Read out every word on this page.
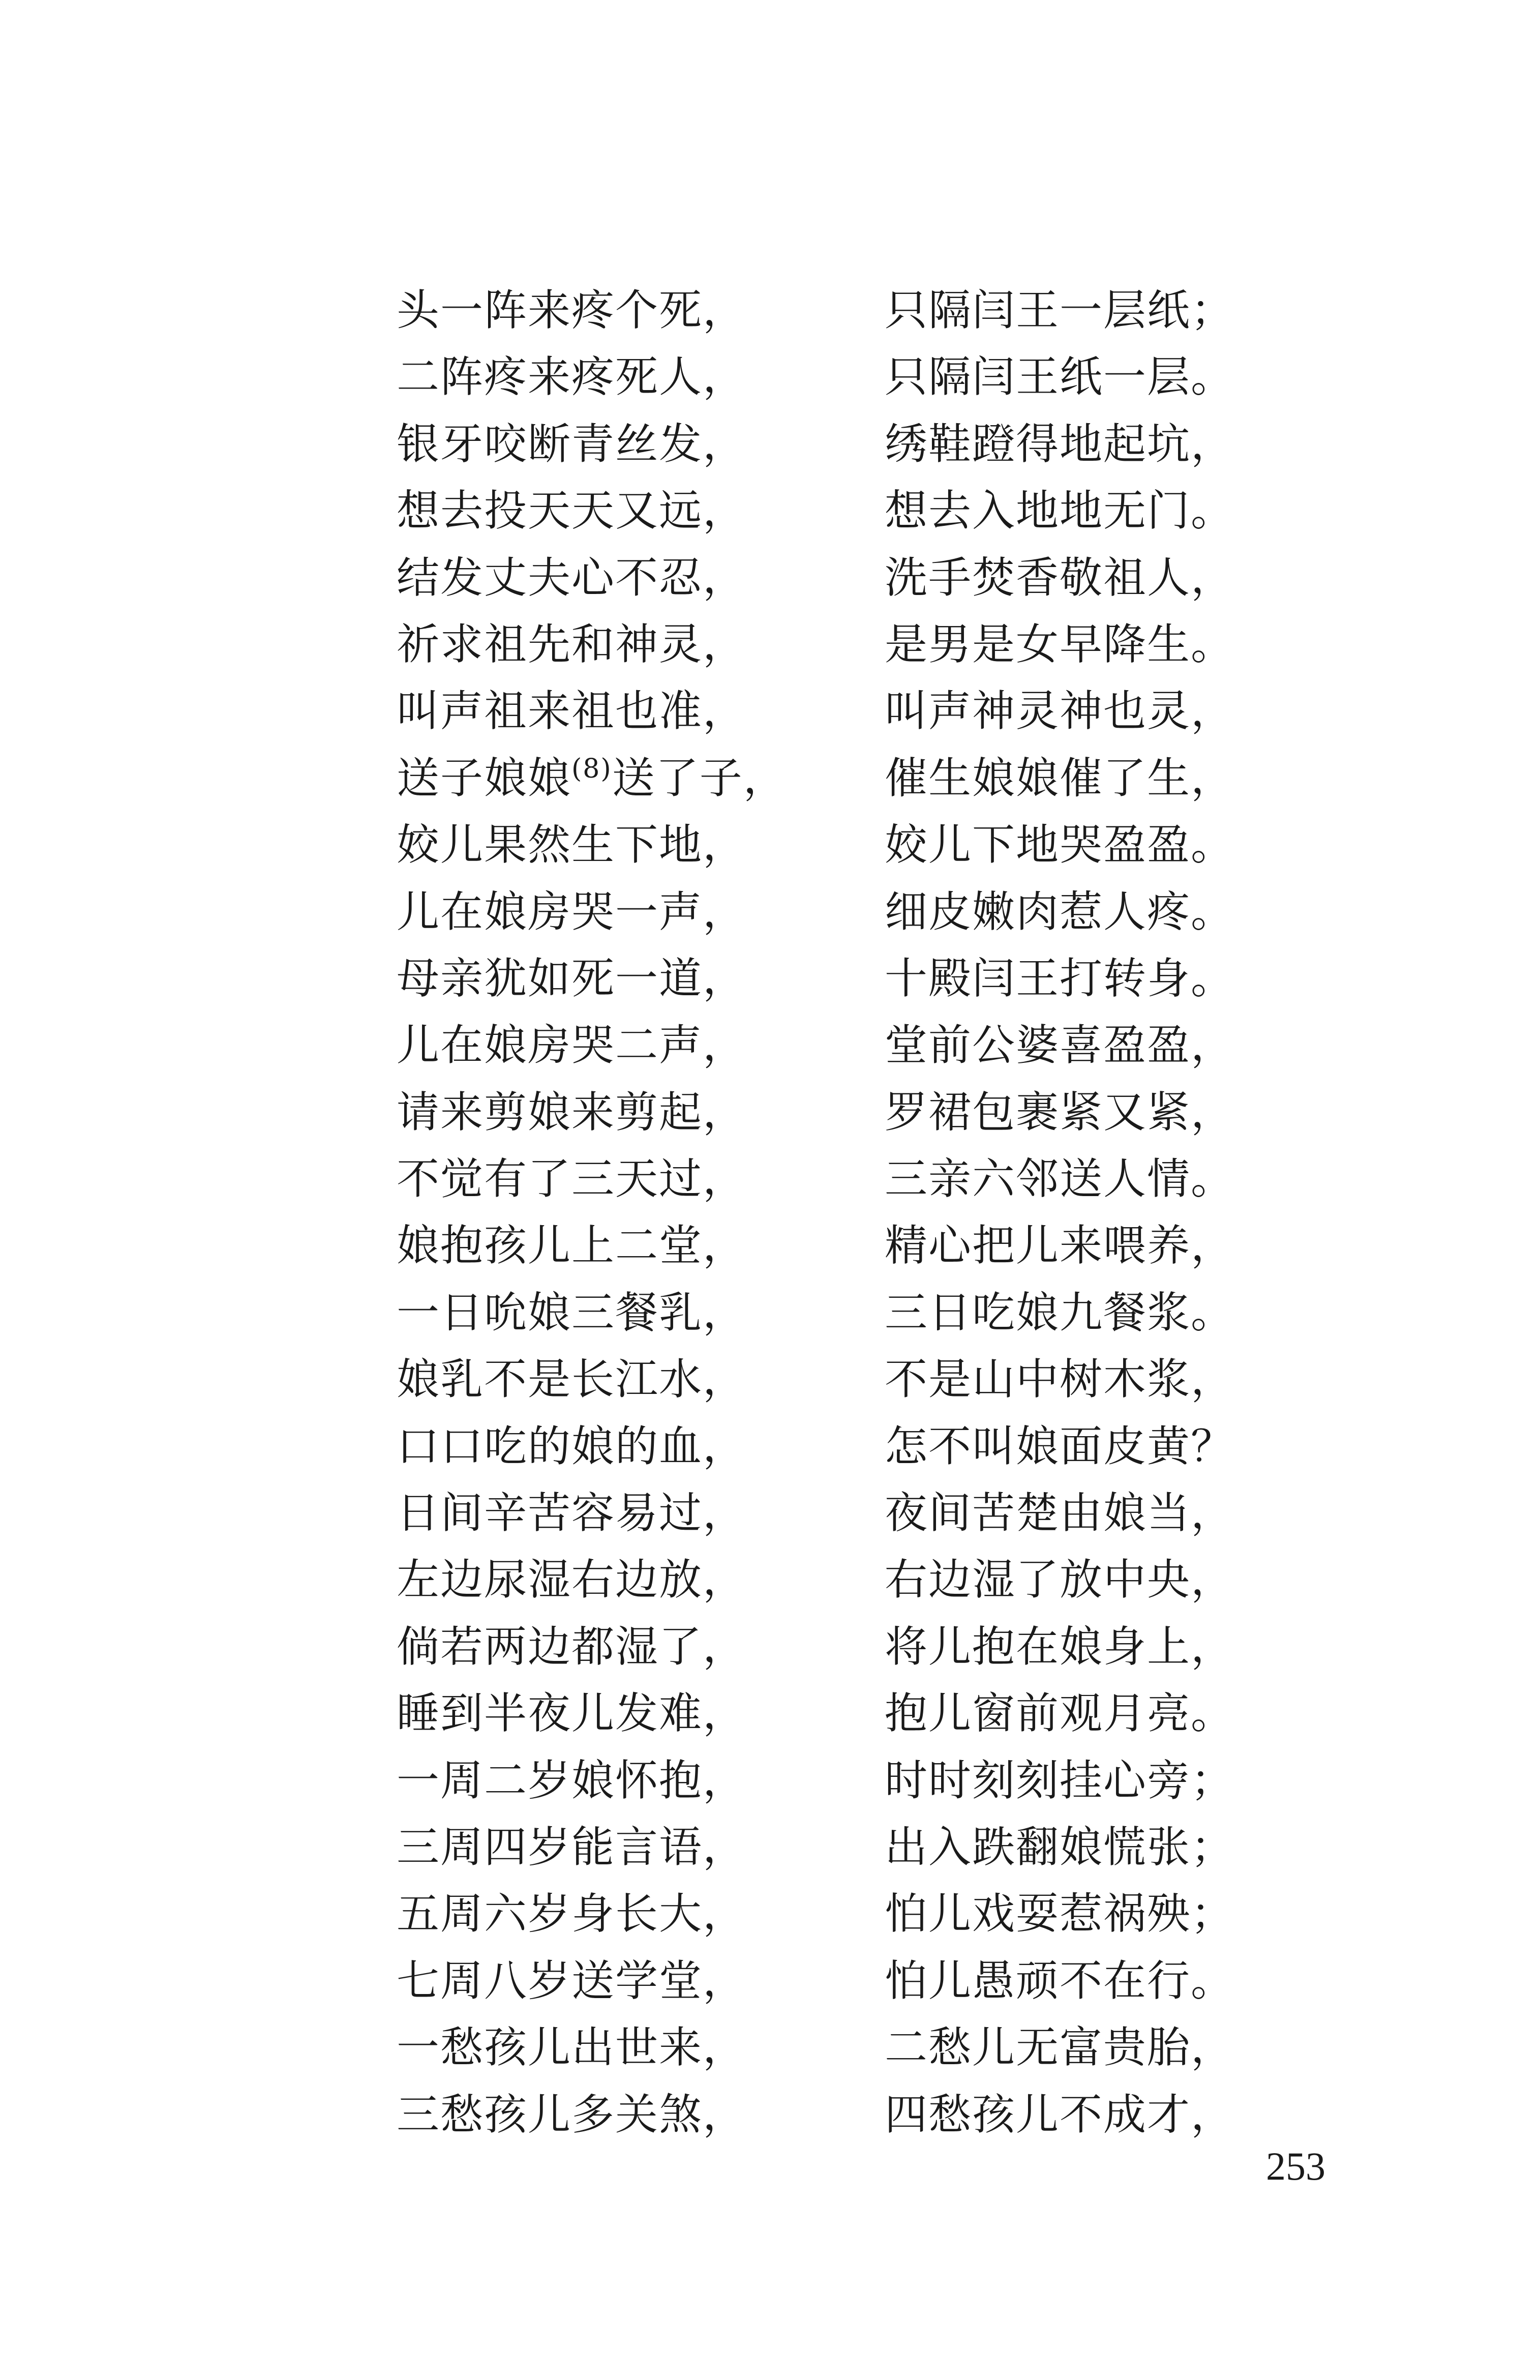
头一阵来疼个死，	只隔闫王一层纸；
二阵疼来疼死人，	只隔闫王纸一层。
银牙咬断青丝发，	绣鞋蹬得地起坑，
想去投天天又远，	想去入地地无门。
结发丈夫心不忍，	洗手焚香敬祖人，
祈求祖先和神灵，	是男是女早降生。
叫声祖来祖也准，	叫声神灵神也灵，
送子娘娘$^{(8)}$送了子， 催生娘娘催了生，
姣儿果然生下地，	姣儿下地哭盈盈。
儿在娘房哭一声，	细皮嫩肉惹人疼。
母亲犹如死一道，	十殿闫王打转身。
儿在娘房哭二声，	堂前公婆喜盈盈，
请来剪娘来剪起，	罗裙包裹紧又紧，
不觉有了三天过，	三亲六邻送人情。
娘抱孩儿上二堂，	精心把儿来喂养，
一日吮娘三餐乳，	三日吃娘九餐浆。
娘乳不是长江水，	不是山中树木浆，
口口吃的娘的血，	怎不叫娘面皮黄？
日间辛苦容易过，	夜间苦楚由娘当，
左边尿湿右边放，	右边湿了放中央，
倘若两边都湿了，	将儿抱在娘身上，
睡到半夜儿发难，	抱儿窗前观月亮。
一周二岁娘怀抱，	时时刻刻挂心旁；
三周四岁能言语，	出入跌翻娘慌张；
五周六岁身长大，	怕儿戏耍惹祸殃；
七周八岁送学堂，	怕儿愚顽不在行。
一愁孩儿出世来，	二愁儿无富贵胎，
三愁孩儿多关煞，	四愁孩儿不成才，
253
